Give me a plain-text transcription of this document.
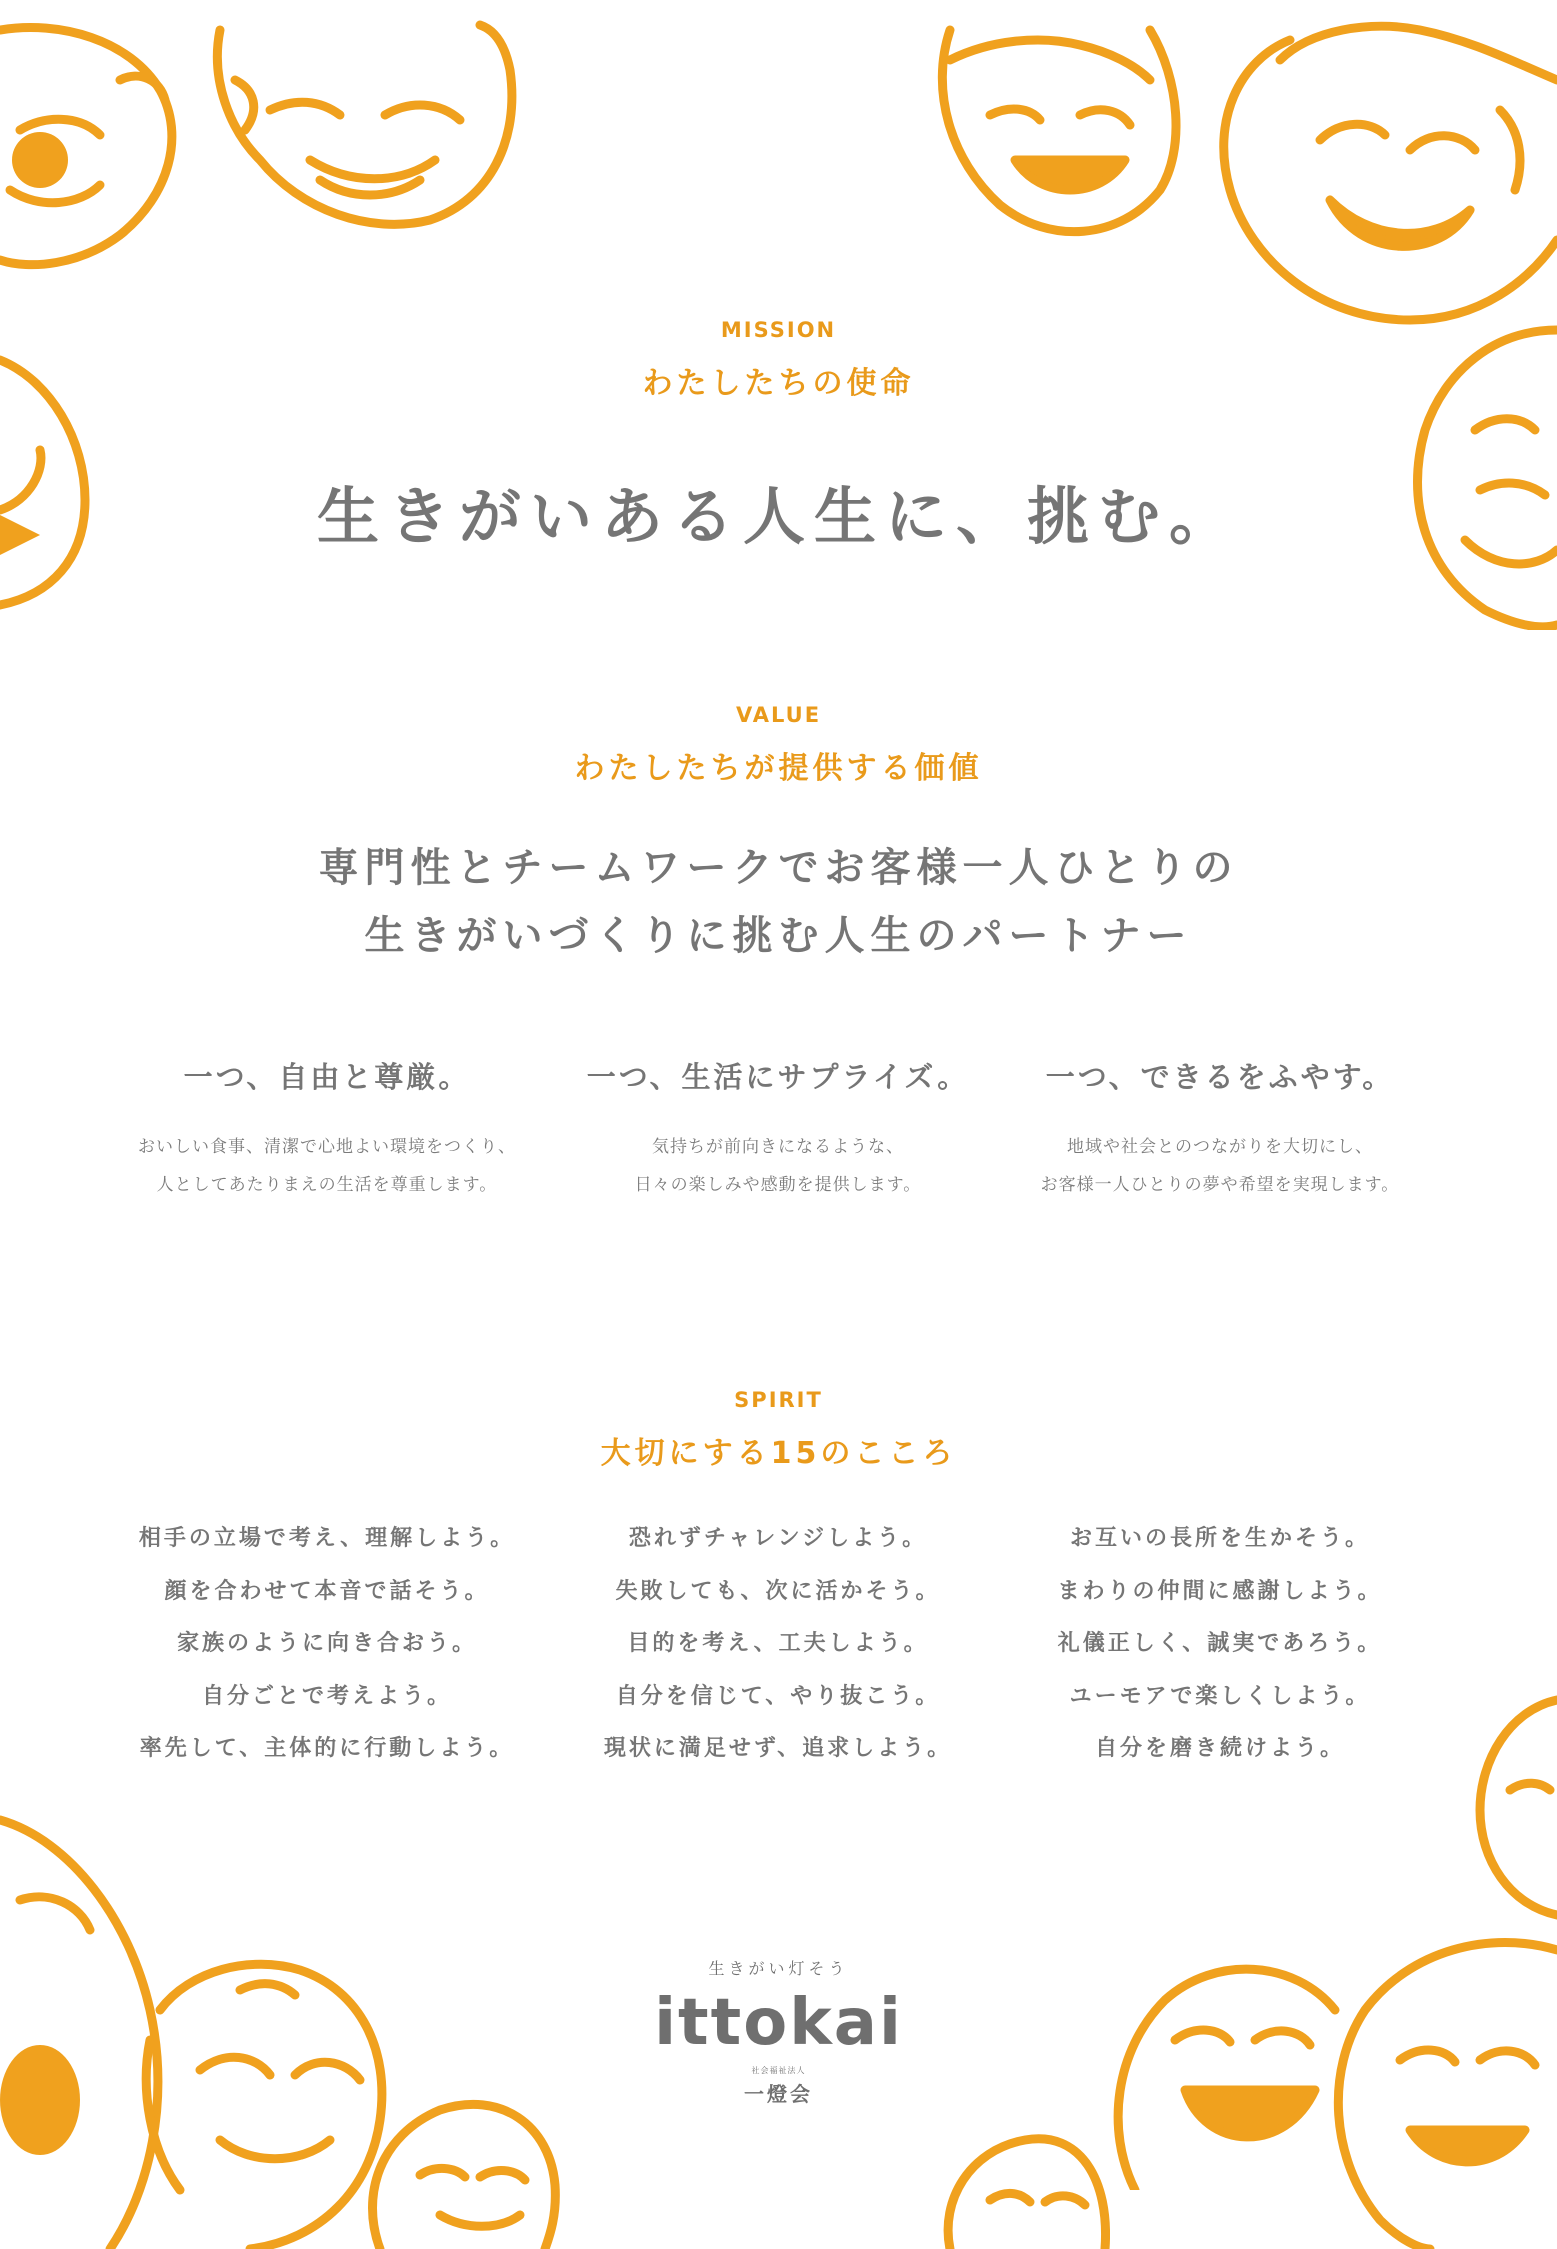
MISSION
わたしたちの使命
生きがいある人生に、挑む。
VALUE
わたしたちが提供する価値
専門性とチームワークでお客様一人ひとりの
生きがいづくりに挑む人生のパートナー
一つ、自由と尊厳。
おいしい食事、清潔で心地よい環境をつくり、
人としてあたりまえの生活を尊重します。
一つ、生活にサプライズ。
気持ちが前向きになるような、
日々の楽しみや感動を提供します。
一つ、できるをふやす。
地域や社会とのつながりを大切にし、
お客様一人ひとりの夢や希望を実現します。
SPIRIT
大切にする15のこころ
相手の立場で考え、理解しよう。
顔を合わせて本音で話そう。
家族のように向き合おう。
自分ごとで考えよう。
率先して、主体的に行動しよう。
恐れずチャレンジしよう。
失敗しても、次に活かそう。
目的を考え、工夫しよう。
自分を信じて、やり抜こう。
現状に満足せず、追求しよう。
お互いの長所を生かそう。
まわりの仲間に感謝しよう。
礼儀正しく、誠実であろう。
ユーモアで楽しくしよう。
自分を磨き続けよう。
生きがい灯そう
ittokai
社会福祉法人
一燈会
